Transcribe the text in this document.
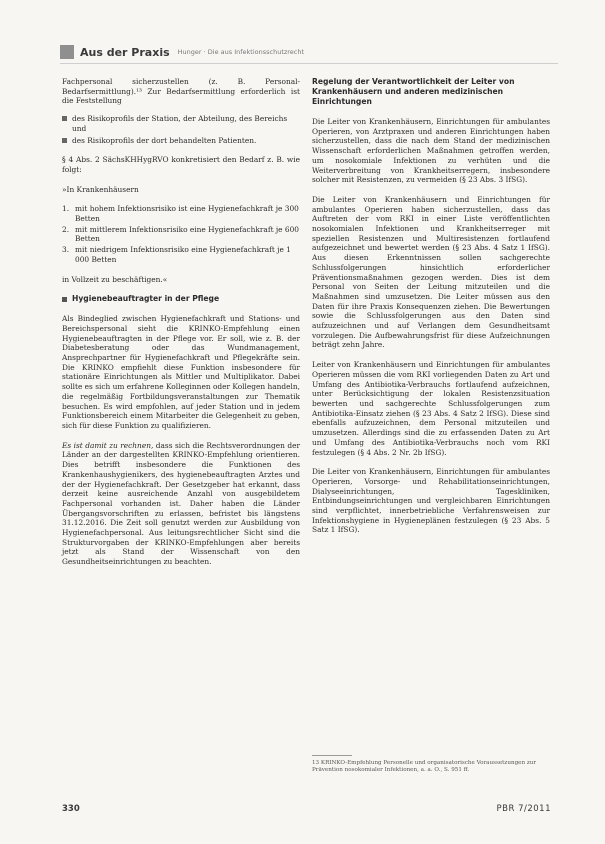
Aus der Praxis Hunger · Die aus Infektionsschutzrecht

Fachpersonal sicherzustellen (z. B. Personal-Bedarfsermittlung).¹³ Zur Bedarfsermittlung erforderlich ist die Feststellung

des Risikoprofils der Station, der Abteilung, des Bereichs und
des Risikoprofils der dort behandelten Patienten.

§ 4 Abs. 2 SächsKHHygRVO konkretisiert den Bedarf z. B. wie folgt:

»In Krankenhäusern

1. mit hohem Infektionsrisiko ist eine Hygienefachkraft je 300 Betten
2. mit mittlerem Infektionsrisiko eine Hygienefachkraft je 600 Betten
3. mit niedrigem Infektionsrisiko eine Hygienefachkraft je 1 000 Betten

in Vollzeit zu beschäftigen.«

Hygienebeauftragter in der Pflege

Als Bindeglied zwischen Hygienefachkraft und Stations- und Bereichspersonal sieht die KRINKO-Empfehlung einen Hygienebeauftragten in der Pflege vor. Er soll, wie z. B. der Diabetesberatung oder das Wundmanagement, Ansprechpartner für Hygienefachkraft und Pflegekräfte sein. Die KRINKO empfiehlt diese Funktion insbesondere für stationäre Einrichtungen als Mittler und Multiplikator. Dabei sollte es sich um erfahrene Kolleginnen oder Kollegen handeln, die regelmäßig Fortbildungsveranstaltungen zur Thematik besuchen. Es wird empfohlen, auf jeder Station und in jedem Funktionsbereich einem Mitarbeiter die Gelegenheit zu geben, sich für diese Funktion zu qualifizieren.

Es ist damit zu rechnen, dass sich die Rechtsverordnungen der Länder an der dargestellten KRINKO-Empfehlung orientieren. Dies betrifft insbesondere die Funktionen des Krankenhaushygienikers, des hygienebeauftragten Arztes und der der Hygienefachkraft. Der Gesetzgeber hat erkannt, dass derzeit keine ausreichende Anzahl von ausgebildetem Fachpersonal vorhanden ist. Daher haben die Länder Übergangsvorschriften zu erlassen, befristet bis längstens 31.12.2016. Die Zeit soll genutzt werden zur Ausbildung von Hygienefachpersonal. Aus leitungsrechtlicher Sicht sind die Strukturvorgaben der KRINKO-Empfehlungen aber bereits jetzt als Stand der Wissenschaft von den Gesundheitseinrichtungen zu beachten.

Regelung der Verantwortlichkeit der Leiter von Krankenhäusern und anderen medizinischen Einrichtungen

Die Leiter von Krankenhäusern, Einrichtungen für ambulantes Operieren, von Arztpraxen und anderen Einrichtungen haben sicherzustellen, dass die nach dem Stand der medizinischen Wissenschaft erforderlichen Maßnahmen getroffen werden, um nosokomiale Infektionen zu verhüten und die Weiterverbreitung von Krankheitserregern, insbesondere solcher mit Resistenzen, zu vermeiden (§ 23 Abs. 3 IfSG).

Die Leiter von Krankenhäusern und Einrichtungen für ambulantes Operieren haben sicherzustellen, dass das Auftreten der vom RKI in einer Liste veröffentlichten nosokomialen Infektionen und Krankheitserreger mit speziellen Resistenzen und Multiresistenzen fortlaufend aufgezeichnet und bewertet werden (§ 23 Abs. 4 Satz 1 IfSG). Aus diesen Erkenntnissen sollen sachgerechte Schlussfolgerungen hinsichtlich erforderlicher Präventionsmaßnahmen gezogen werden. Dies ist dem Personal von Seiten der Leitung mitzuteilen und die Maßnahmen sind umzusetzen. Die Leiter müssen aus den Daten für ihre Praxis Konsequenzen ziehen. Die Bewertungen sowie die Schlussfolgerungen aus den Daten sind aufzuzeichnen und auf Verlangen dem Gesundheitsamt vorzulegen. Die Aufbewahrungsfrist für diese Aufzeichnungen beträgt zehn Jahre.

Leiter von Krankenhäusern und Einrichtungen für ambulantes Operieren müssen die vom RKI vorliegenden Daten zu Art und Umfang des Antibiotika-Verbrauchs fortlaufend aufzeichnen, unter Berücksichtigung der lokalen Resistenzsituation bewerten und sachgerechte Schlussfolgerungen zum Antibiotika-Einsatz ziehen (§ 23 Abs. 4 Satz 2 IfSG). Diese sind ebenfalls aufzuzeichnen, dem Personal mitzuteilen und umzusetzen. Allerdings sind die zu erfassenden Daten zu Art und Umfang des Antibiotika-Verbrauchs noch vom RKI festzulegen (§ 4 Abs. 2 Nr. 2b IfSG).

Die Leiter von Krankenhäusern, Einrichtungen für ambulantes Operieren, Vorsorge- und Rehabilitationseinrichtungen, Dialyseeinrichtungen, Tageskliniken, Entbindungseinrichtungen und vergleichbaren Einrichtungen sind verpflichtet, innerbetriebliche Verfahrensweisen zur Infektionshygiene in Hygieneplänen festzulegen (§ 23 Abs. 5 Satz 1 IfSG).

13 KRINKO-Empfehlung Personelle und organisatorische Voraussetzungen zur Prävention nosokomialer Infektionen, a. a. O., S. 951 ff.
330	PBR 7/2011
